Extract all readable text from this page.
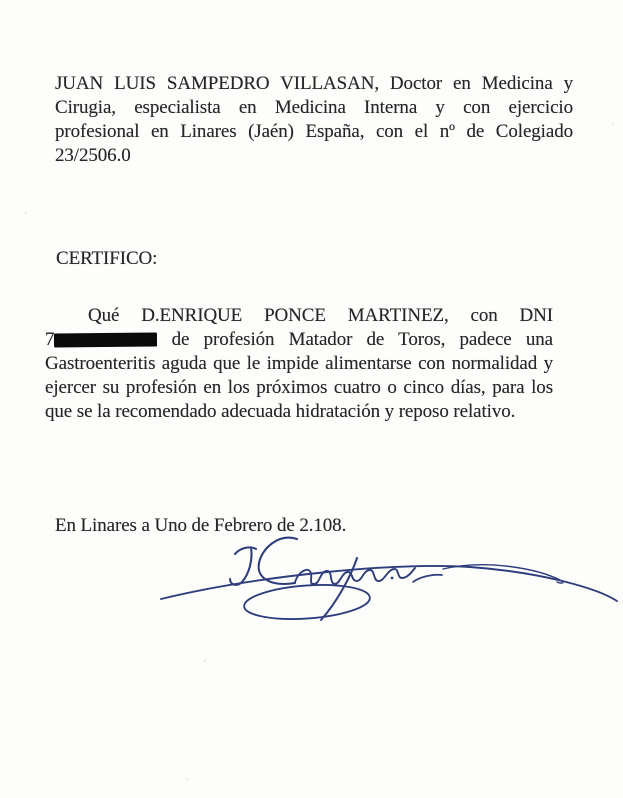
JUAN LUIS SAMPEDRO VILLASAN, Doctor en Medicina y
Cirugia, especialista en Medicina Interna y con ejercicio
profesional en Linares (Jaén) España, con el nº de Colegiado
23/2506.0
CERTIFICO:
Qué D.ENRIQUE PONCE MARTINEZ, con DNI
7	de profesión Matador de Toros, padece una
Gastroenteritis aguda que le impide alimentarse con normalidad y
ejercer su profesión en los próximos cuatro o cinco días, para los
que se la recomendado adecuada hidratación y reposo relativo.
En Linares a Uno de Febrero de 2.108.
